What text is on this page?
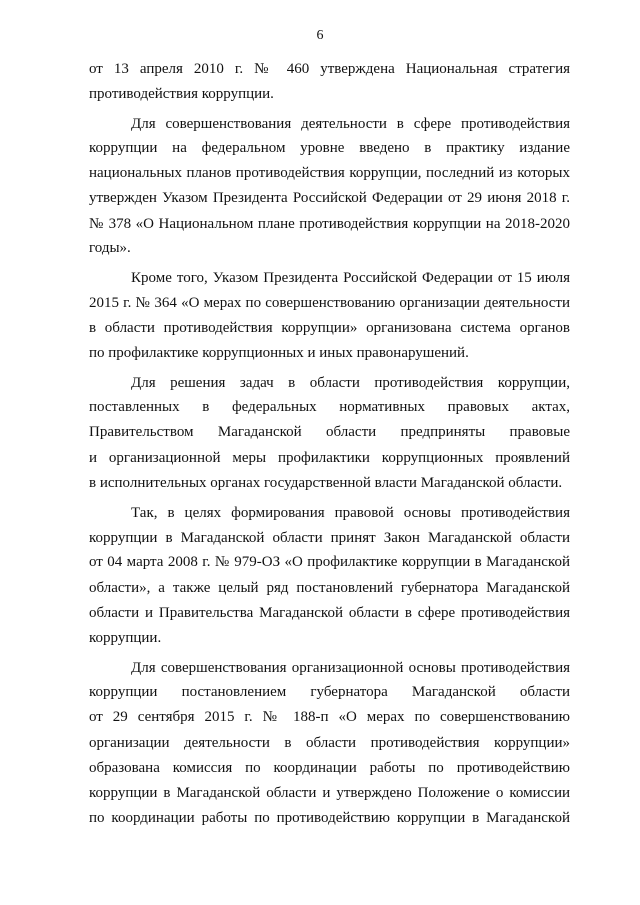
6
от 13 апреля 2010 г. № 460 утверждена Национальная стратегия
противодействия коррупции.
Для совершенствования деятельности в сфере противодействия
коррупции на федеральном уровне введено в практику издание
национальных планов противодействия коррупции, последний из которых
утвержден Указом Президента Российской Федерации от 29 июня 2018 г.
№ 378 «О Национальном плане противодействия коррупции на 2018-2020
годы».
Кроме того, Указом Президента Российской Федерации от 15 июля
2015 г. № 364 «О мерах по совершенствованию организации деятельности
в области противодействия коррупции» организована система органов
по профилактике коррупционных и иных правонарушений.
Для решения задач в области противодействия коррупции,
поставленных в федеральных нормативных правовых актах,
Правительством Магаданской области предприняты правовые
и организационной меры профилактики коррупционных проявлений
в исполнительных органах государственной власти Магаданской области.
Так, в целях формирования правовой основы противодействия
коррупции в Магаданской области принят Закон Магаданской области
от 04 марта 2008 г. № 979-ОЗ «О профилактике коррупции в Магаданской
области», а также целый ряд постановлений губернатора Магаданской
области и Правительства Магаданской области в сфере противодействия
коррупции.
Для совершенствования организационной основы противодействия
коррупции постановлением губернатора Магаданской области
от 29 сентября 2015 г. № 188-п «О мерах по совершенствованию
организации деятельности в области противодействия коррупции»
образована комиссия по координации работы по противодействию
коррупции в Магаданской области и утверждено Положение о комиссии
по координации работы по противодействию коррупции в Магаданской
